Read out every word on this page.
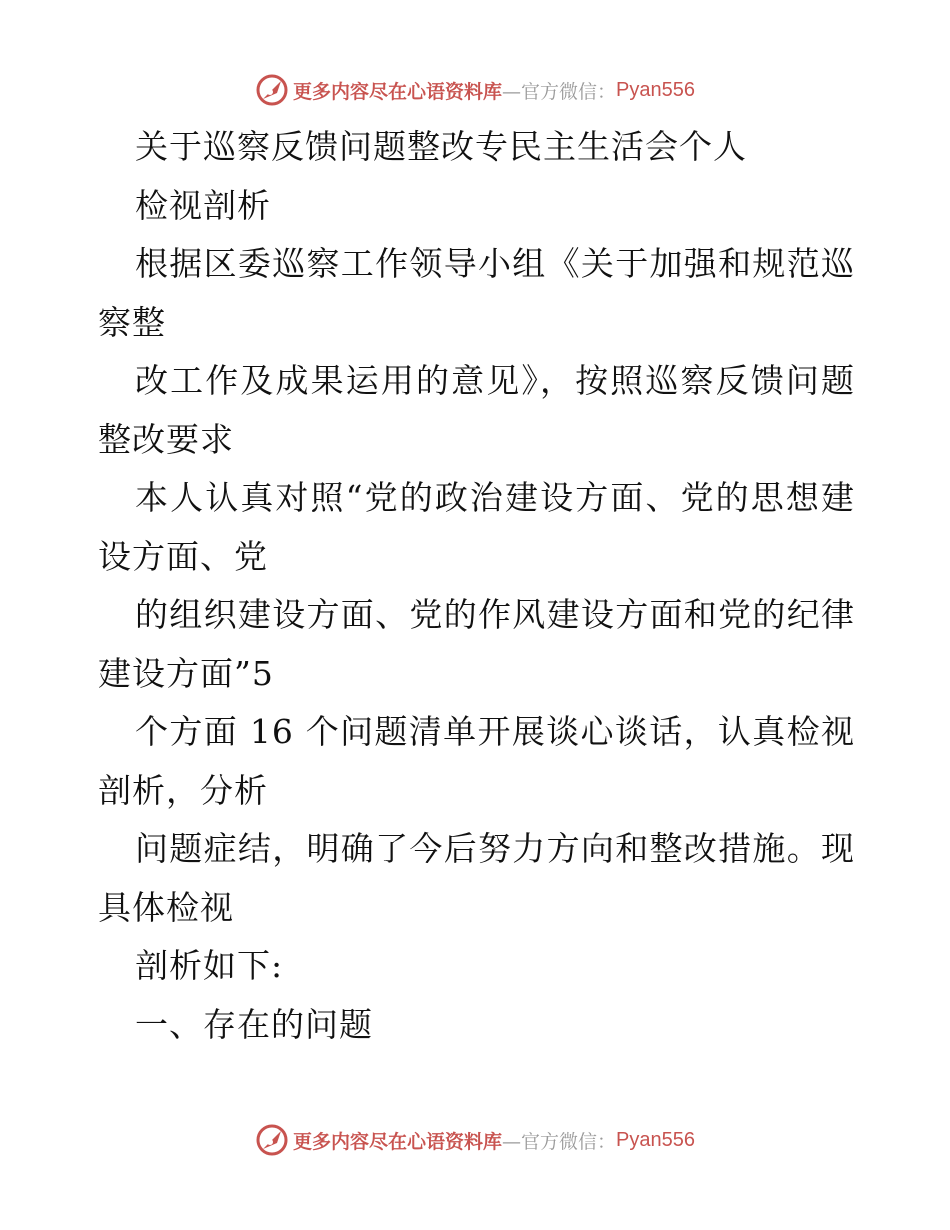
更多内容尽在心语资料库 —官方微信： Pyan556
关于巡察反馈问题整改专民主生活会个人
检视剖析
根据区委巡察工作领导小组《关于加强和规范巡
察整
改工作及成果运用的意见》，按照巡察反馈问题
整改要求
本人认真对照“党的政治建设方面、党的思想建
设方面、党
的组织建设方面、党的作风建设方面和党的纪律
建设方面”5
个方面 16 个问题清单开展谈心谈话，认真检视
剖析，分析
问题症结，明确了今后努力方向和整改措施。现
具体检视
剖析如下:
一、存在的问题
更多内容尽在心语资料库 —官方微信： Pyan556
